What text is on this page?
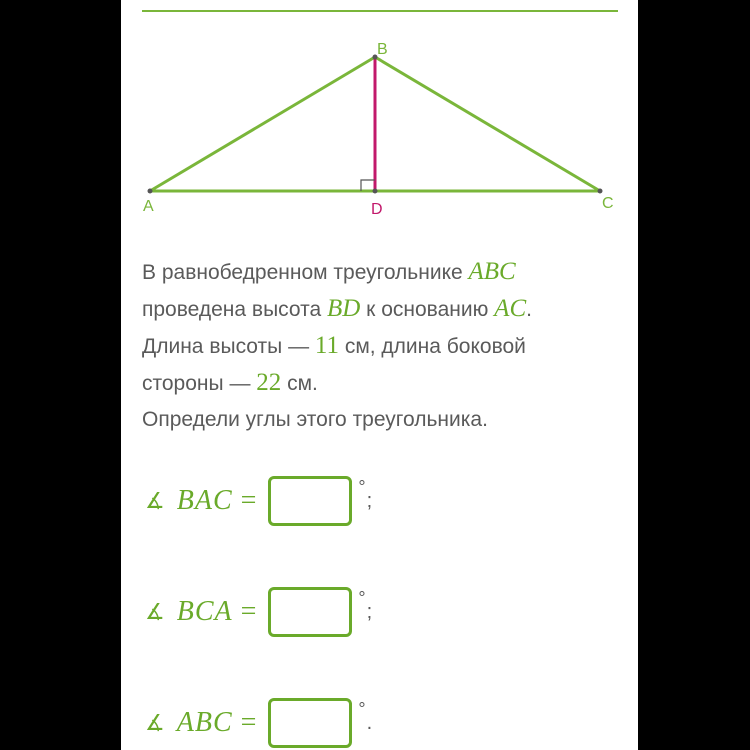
A
B
C
D
В равнобедренном треугольнике ABC
проведена высота BD к основанию AC.
Длина высоты — 11 см, длина боковой
стороны — 22 см.
Определи углы этого треугольника.
∡ BAC =	°
;
∡ BCA =	°
;
∡ ABC =	°
.
